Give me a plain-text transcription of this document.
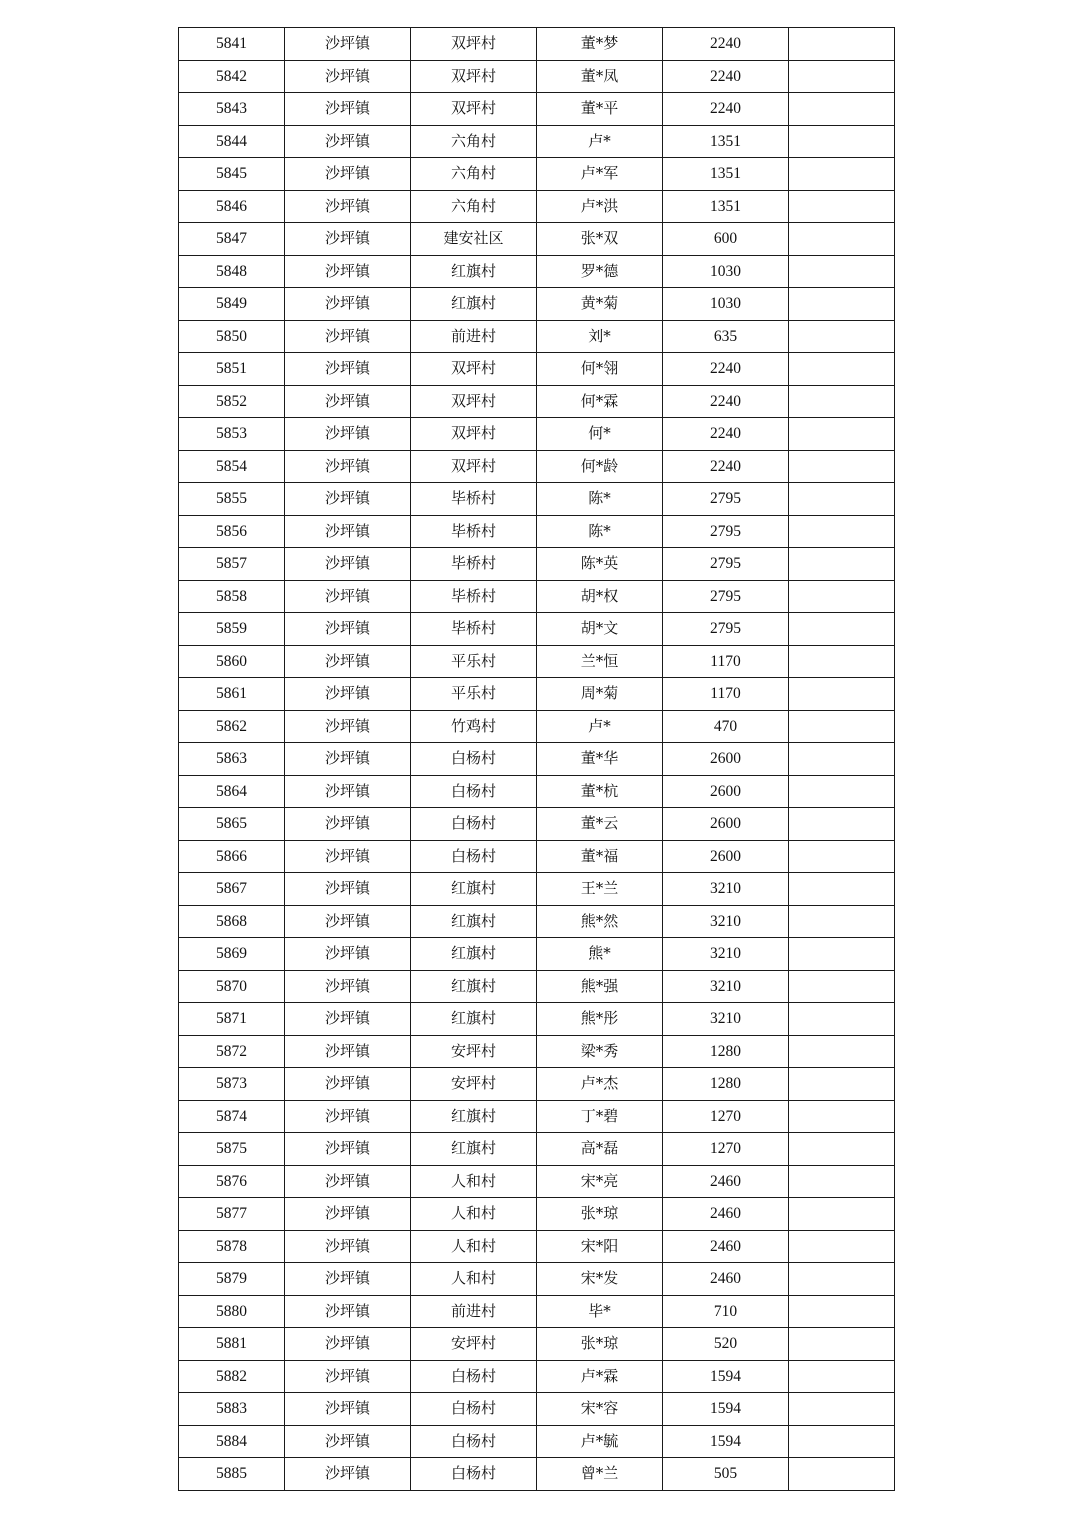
5841	沙坪镇	双坪村	董*梦	2240	
5842	沙坪镇	双坪村	董*凤	2240	
5843	沙坪镇	双坪村	董*平	2240	
5844	沙坪镇	六角村	卢*	1351	
5845	沙坪镇	六角村	卢*军	1351	
5846	沙坪镇	六角村	卢*洪	1351	
5847	沙坪镇	建安社区	张*双	600	
5848	沙坪镇	红旗村	罗*德	1030	
5849	沙坪镇	红旗村	黄*菊	1030	
5850	沙坪镇	前进村	刘*	635	
5851	沙坪镇	双坪村	何*翎	2240	
5852	沙坪镇	双坪村	何*霖	2240	
5853	沙坪镇	双坪村	何*	2240	
5854	沙坪镇	双坪村	何*龄	2240	
5855	沙坪镇	毕桥村	陈*	2795	
5856	沙坪镇	毕桥村	陈*	2795	
5857	沙坪镇	毕桥村	陈*英	2795	
5858	沙坪镇	毕桥村	胡*权	2795	
5859	沙坪镇	毕桥村	胡*文	2795	
5860	沙坪镇	平乐村	兰*恒	1170	
5861	沙坪镇	平乐村	周*菊	1170	
5862	沙坪镇	竹鸡村	卢*	470	
5863	沙坪镇	白杨村	董*华	2600	
5864	沙坪镇	白杨村	董*杭	2600	
5865	沙坪镇	白杨村	董*云	2600	
5866	沙坪镇	白杨村	董*福	2600	
5867	沙坪镇	红旗村	王*兰	3210	
5868	沙坪镇	红旗村	熊*然	3210	
5869	沙坪镇	红旗村	熊*	3210	
5870	沙坪镇	红旗村	熊*强	3210	
5871	沙坪镇	红旗村	熊*彤	3210	
5872	沙坪镇	安坪村	梁*秀	1280	
5873	沙坪镇	安坪村	卢*杰	1280	
5874	沙坪镇	红旗村	丁*碧	1270	
5875	沙坪镇	红旗村	高*磊	1270	
5876	沙坪镇	人和村	宋*亮	2460	
5877	沙坪镇	人和村	张*琼	2460	
5878	沙坪镇	人和村	宋*阳	2460	
5879	沙坪镇	人和村	宋*发	2460	
5880	沙坪镇	前进村	毕*	710	
5881	沙坪镇	安坪村	张*琼	520	
5882	沙坪镇	白杨村	卢*霖	1594	
5883	沙坪镇	白杨村	宋*容	1594	
5884	沙坪镇	白杨村	卢*毓	1594	
5885	沙坪镇	白杨村	曾*兰	505	
